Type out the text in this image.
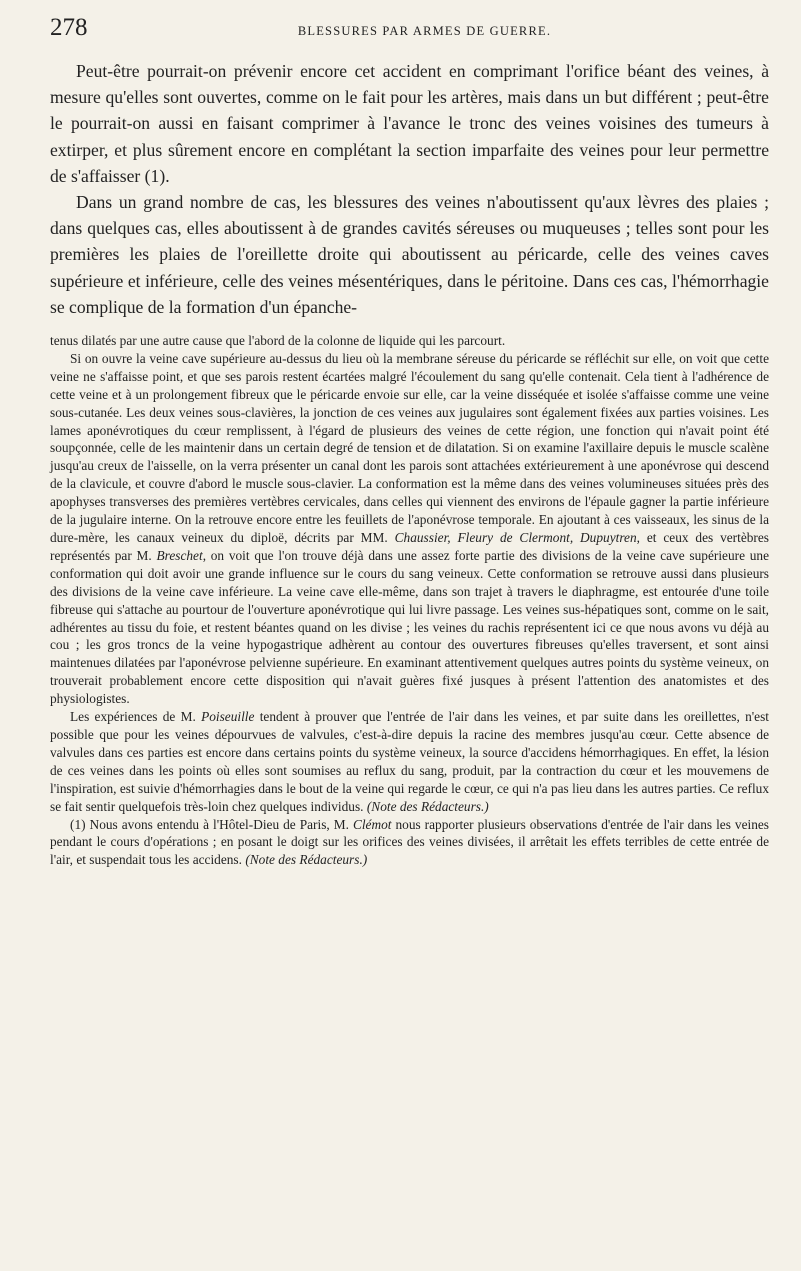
278	BLESSURES PAR ARMES DE GUERRE.

Peut-être pourrait-on prévenir encore cet accident en comprimant l'orifice béant des veines, à mesure qu'elles sont ouvertes, comme on le fait pour les artères, mais dans un but différent ; peut-être le pourrait-on aussi en faisant comprimer à l'avance le tronc des veines voisines des tumeurs à extirper, et plus sûrement encore en complétant la section imparfaite des veines pour leur permettre de s'affaisser (1).

Dans un grand nombre de cas, les blessures des veines n'aboutissent qu'aux lèvres des plaies ; dans quelques cas, elles aboutissent à de grandes cavités séreuses ou muqueuses ; telles sont pour les premières les plaies de l'oreillette droite qui aboutissent au péricarde, celle des veines caves supérieure et inférieure, celle des veines mésentériques, dans le péritoine. Dans ces cas, l'hémorrhagie se complique de la formation d'un épanche-

tenus dilatés par une autre cause que l'abord de la colonne de liquide qui les parcourt.

Si on ouvre la veine cave supérieure au-dessus du lieu où la membrane séreuse du péricarde se réfléchit sur elle, on voit que cette veine ne s'affaisse point, et que ses parois restent écartées malgré l'écoulement du sang qu'elle contenait. Cela tient à l'adhérence de cette veine et à un prolongement fibreux que le péricarde envoie sur elle, car la veine disséquée et isolée s'affaisse comme une veine sous-cutanée. Les deux veines sous-clavières, la jonction de ces veines aux jugulaires sont également fixées aux parties voisines. Les lames aponévrotiques du cœur remplissent, à l'égard de plusieurs des veines de cette région, une fonction qui n'avait point été soupçonnée, celle de les maintenir dans un certain degré de tension et de dilatation. Si on examine l'axillaire depuis le muscle scalène jusqu'au creux de l'aisselle, on la verra présenter un canal dont les parois sont attachées extérieurement à une aponévrose qui descend de la clavicule, et couvre d'abord le muscle sous-clavier. La conformation est la même dans des veines volumineuses situées près des apophyses transverses des premières vertèbres cervicales, dans celles qui viennent des environs de l'épaule gagner la partie inférieure de la jugulaire interne. On la retrouve encore entre les feuillets de l'aponévrose temporale. En ajoutant à ces vaisseaux, les sinus de la dure-mère, les canaux veineux du diploë, décrits par MM. Chaussier, Fleury de Clermont, Dupuytren, et ceux des vertèbres représentés par M. Breschet, on voit que l'on trouve déjà dans une assez forte partie des divisions de la veine cave supérieure une conformation qui doit avoir une grande influence sur le cours du sang veineux. Cette conformation se retrouve aussi dans plusieurs des divisions de la veine cave inférieure. La veine cave elle-même, dans son trajet à travers le diaphragme, est entourée d'une toile fibreuse qui s'attache au pourtour de l'ouverture aponévrotique qui lui livre passage. Les veines sus-hépatiques sont, comme on le sait, adhérentes au tissu du foie, et restent béantes quand on les divise ; les veines du rachis représentent ici ce que nous avons vu déjà au cou ; les gros troncs de la veine hypogastrique adhèrent au contour des ouvertures fibreuses qu'elles traversent, et sont ainsi maintenues dilatées par l'aponévrose pelvienne supérieure. En examinant attentivement quelques autres points du système veineux, on trouverait probablement encore cette disposition qui n'avait guères fixé jusques à présent l'attention des anatomistes et des physiologistes.

Les expériences de M. Poiseuille tendent à prouver que l'entrée de l'air dans les veines, et par suite dans les oreillettes, n'est possible que pour les veines dépourvues de valvules, c'est-à-dire depuis la racine des membres jusqu'au cœur. Cette absence de valvules dans ces parties est encore dans certains points du système veineux, la source d'accidens hémorrhagiques. En effet, la lésion de ces veines dans les points où elles sont soumises au reflux du sang, produit, par la contraction du cœur et les mouvemens de l'inspiration, est suivie d'hémorrhagies dans le bout de la veine qui regarde le cœur, ce qui n'a pas lieu dans les autres parties. Ce reflux se fait sentir quelquefois très-loin chez quelques individus. (Note des Rédacteurs.)

(1) Nous avons entendu à l'Hôtel-Dieu de Paris, M. Clémot nous rapporter plusieurs observations d'entrée de l'air dans les veines pendant le cours d'opérations ; en posant le doigt sur les orifices des veines divisées, il arrêtait les effets terribles de cette entrée de l'air, et suspendait tous les accidens. (Note des Rédacteurs.)
